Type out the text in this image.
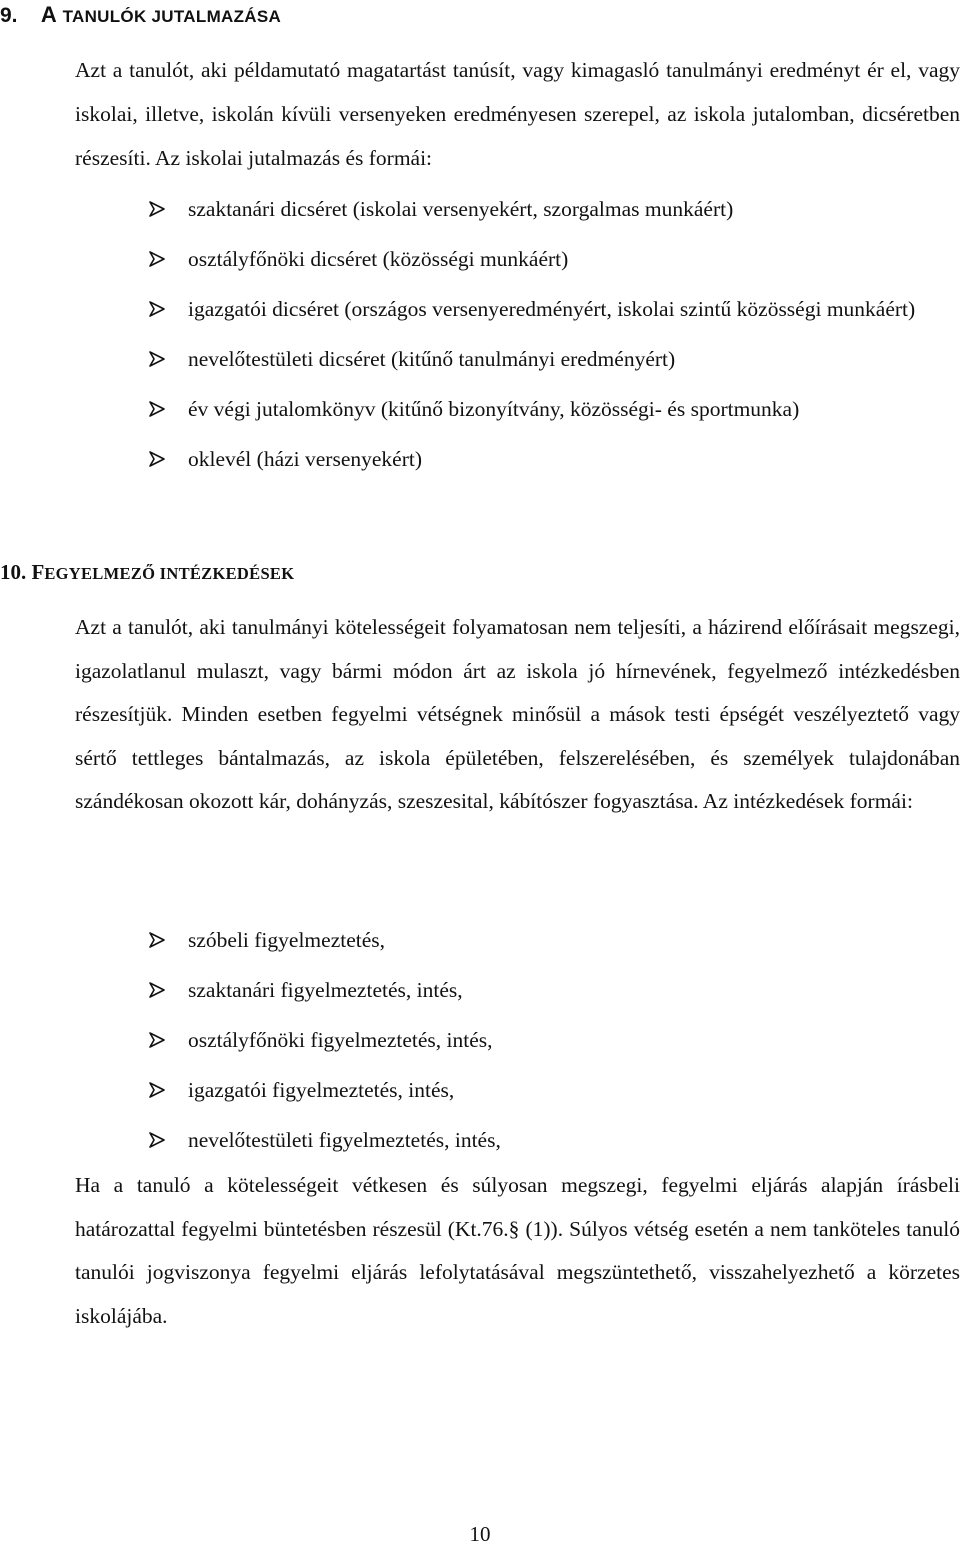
9. A TANULÓK JUTALMAZÁSA
Azt a tanulót, aki példamutató magatartást tanúsít, vagy kimagasló tanulmányi eredményt ér el, vagy iskolai, illetve, iskolán kívüli versenyeken eredményesen szerepel, az iskola jutalomban, dicséretben részesíti. Az iskolai jutalmazás és formái:
szaktanári dicséret (iskolai versenyekért, szorgalmas munkáért)
osztályfőnöki dicséret (közösségi munkáért)
igazgatói dicséret (országos versenyeredményért, iskolai szintű közösségi munkáért)
nevelőtestületi dicséret (kitűnő tanulmányi eredményért)
év végi jutalomkönyv (kitűnő bizonyítvány, közösségi- és sportmunka)
oklevél (házi versenyekért)
10. FEGYELMEZŐ INTÉZKEDÉSEK
Azt a tanulót, aki tanulmányi kötelességeit folyamatosan nem teljesíti, a házirend előírásait megszegi, igazolatlanul mulaszt, vagy bármi módon árt az iskola jó hírnevének, fegyelmező intézkedésben részesítjük. Minden esetben fegyelmi vétségnek minősül a mások testi épségét veszélyeztető vagy sértő tettleges bántalmazás, az iskola épületében, felszerelésében, és személyek tulajdonában szándékosan okozott kár, dohányzás, szeszesital, kábítószer fogyasztása. Az intézkedések formái:
szóbeli figyelmeztetés,
szaktanári figyelmeztetés, intés,
osztályfőnöki figyelmeztetés, intés,
igazgatói figyelmeztetés, intés,
nevelőtestületi figyelmeztetés, intés,
Ha a tanuló a kötelességeit vétkesen és súlyosan megszegi, fegyelmi eljárás alapján írásbeli határozattal fegyelmi büntetésben részesül (Kt.76.§ (1)). Súlyos vétség esetén a nem tanköteles tanuló tanulói jogviszonya fegyelmi eljárás lefolytatásával megszüntethető, visszahelyezhető a körzetes iskolájába.
10
